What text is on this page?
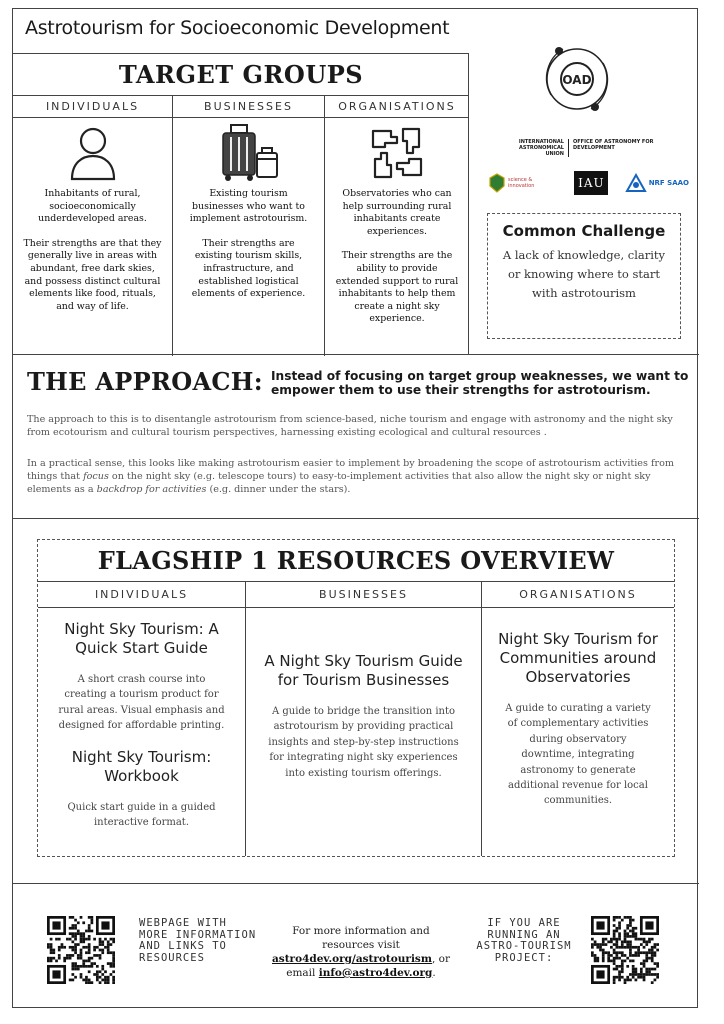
Astrotourism for Socioeconomic Development
TARGET GROUPS
INDIVIDUALS

Inhabitants of rural, socioeconomically underdeveloped areas.

Their strengths are that they generally live in areas with abundant, free dark skies, and possess distinct cultural elements like food, rituals, and way of life.

BUSINESSES

Existing tourism businesses who want to implement astrotourism.

Their strengths are existing tourism skills, infrastructure, and established logistical elements of experience.

ORGANISATIONS

Observatories who can help surrounding rural inhabitants create experiences.

Their strengths are the ability to provide extended support to rural inhabitants to help them create a night sky experience.

OAD
INTERNATIONAL ASTRONOMICAL UNION
OFFICE OF ASTRONOMY FOR DEVELOPMENT
science & innovation	IAU	NRF SAAO
Common Challenge
A lack of knowledge, clarity or knowing where to start with astrotourism
THE APPROACH: Instead of focusing on target group weaknesses, we want to empower them to use their strengths for astrotourism.
The approach to this is to disentangle astrotourism from science-based, niche tourism and engage with astronomy and the night sky from ecotourism and cultural tourism perspectives, harnessing existing ecological and cultural resources .
In a practical sense, this looks like making astrotourism easier to implement by broadening the scope of astrotourism activities from things that focus on the night sky (e.g. telescope tours) to easy-to-implement activities that also allow the night sky or night sky elements as a backdrop for activities (e.g. dinner under the stars).
FLAGSHIP 1 RESOURCES OVERVIEW
INDIVIDUALS
Night Sky Tourism: A Quick Start Guide
A short crash course into creating a tourism product for rural areas. Visual emphasis and designed for affordable printing.
Night Sky Tourism: Workbook
Quick start guide in a guided interactive format.
BUSINESSES
A Night Sky Tourism Guide for Tourism Businesses
A guide to bridge the transition into astrotourism by providing practical insights and step-by-step instructions for integrating night sky experiences into existing tourism offerings.
ORGANISATIONS
Night Sky Tourism for Communities around Observatories
A guide to curating a variety of complementary activities during observatory downtime, integrating astronomy to generate additional revenue for local communities.
WEBPAGE WITH MORE INFORMATION AND LINKS TO RESOURCES
For more information and resources visit
astro4dev.org/astrotourism, or email info@astro4dev.org.
IF YOU ARE RUNNING AN ASTRO-TOURISM PROJECT:
